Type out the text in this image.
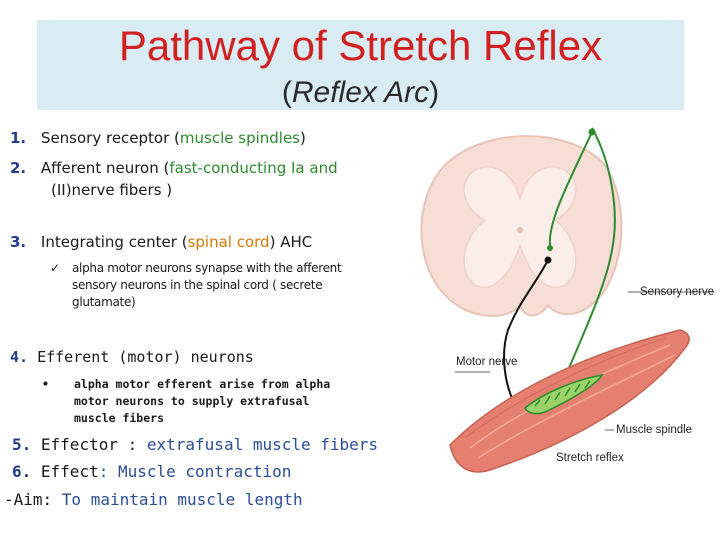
Pathway of Stretch Reflex
(Reflex Arc)
1. Sensory receptor (muscle spindles)
2. Afferent neuron (fast-conducting Ia and
(II)nerve fibers )
3. Integrating center (spinal cord) AHC
✓ alpha motor neurons synapse with the afferent
sensory neurons in the spinal cord ( secrete
glutamate)
4. Efferent (motor) neurons
• alpha motor efferent arise from alpha
motor neurons to supply extrafusal
muscle fibers
5. Effector : extrafusal muscle fibers
6. Effect: Muscle contraction
-Aim: To maintain muscle length
Sensory nerve
Motor nerve
Muscle spindle
Stretch reflex
